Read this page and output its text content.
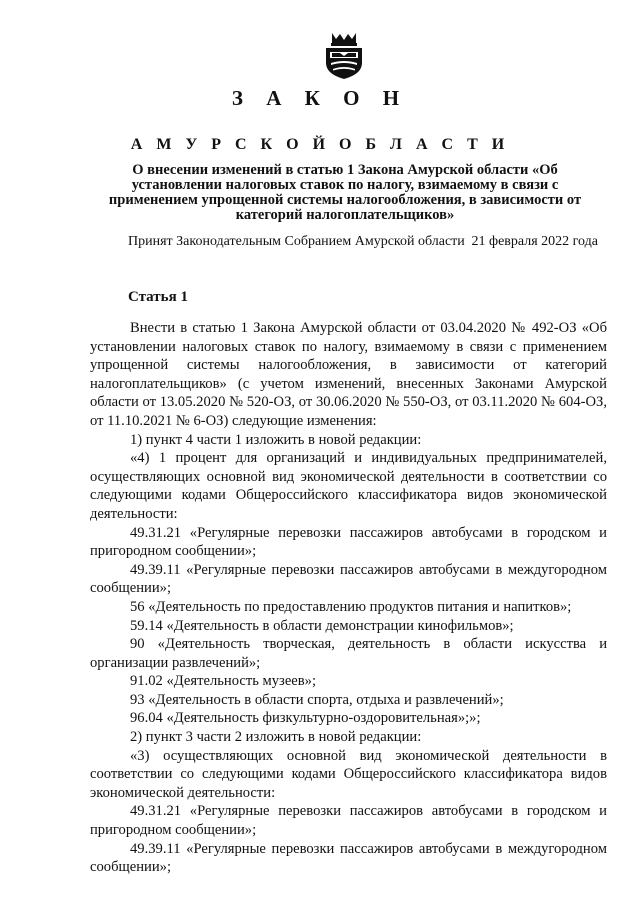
З А К О Н
А М У Р С К О Й О Б Л А С Т И
О внесении изменений в статью 1 Закона Амурской области «Об установлении налоговых ставок по налогу, взимаемому в связи с применением упрощенной системы налогообложения, в зависимости от категорий налогоплательщиков»
Принят Законодательным Собранием Амурской области 21 февраля 2022 года
Статья 1

Внести в статью 1 Закона Амурской области от 03.04.2020 № 492-ОЗ «Об установлении налоговых ставок по налогу, взимаемому в связи с применением упрощенной системы налогообложения, в зависимости от категорий налогоплательщиков» (с учетом изменений, внесенных Законами Амурской области от 13.05.2020 № 520-ОЗ, от 30.06.2020 № 550-ОЗ, от 03.11.2020 № 604-ОЗ, от 11.10.2021 № 6-ОЗ) следующие изменения:

1) пункт 4 части 1 изложить в новой редакции:

«4) 1 процент для организаций и индивидуальных предпринимателей, осуществляющих основной вид экономической деятельности в соответствии со следующими кодами Общероссийского классификатора видов экономической деятельности:

49.31.21 «Регулярные перевозки пассажиров автобусами в городском и пригородном сообщении»;

49.39.11 «Регулярные перевозки пассажиров автобусами в междугородном сообщении»;

56 «Деятельность по предоставлению продуктов питания и напитков»;

59.14 «Деятельность в области демонстрации кинофильмов»;

90 «Деятельность творческая, деятельность в области искусства и организации развлечений»;

91.02 «Деятельность музеев»;

93 «Деятельность в области спорта, отдыха и развлечений»;

96.04 «Деятельность физкультурно-оздоровительная»;»;

2) пункт 3 части 2 изложить в новой редакции:

«3) осуществляющих основной вид экономической деятельности в соответствии со следующими кодами Общероссийского классификатора видов экономической деятельности:

49.31.21 «Регулярные перевозки пассажиров автобусами в городском и пригородном сообщении»;

49.39.11 «Регулярные перевозки пассажиров автобусами в междугородном сообщении»;
